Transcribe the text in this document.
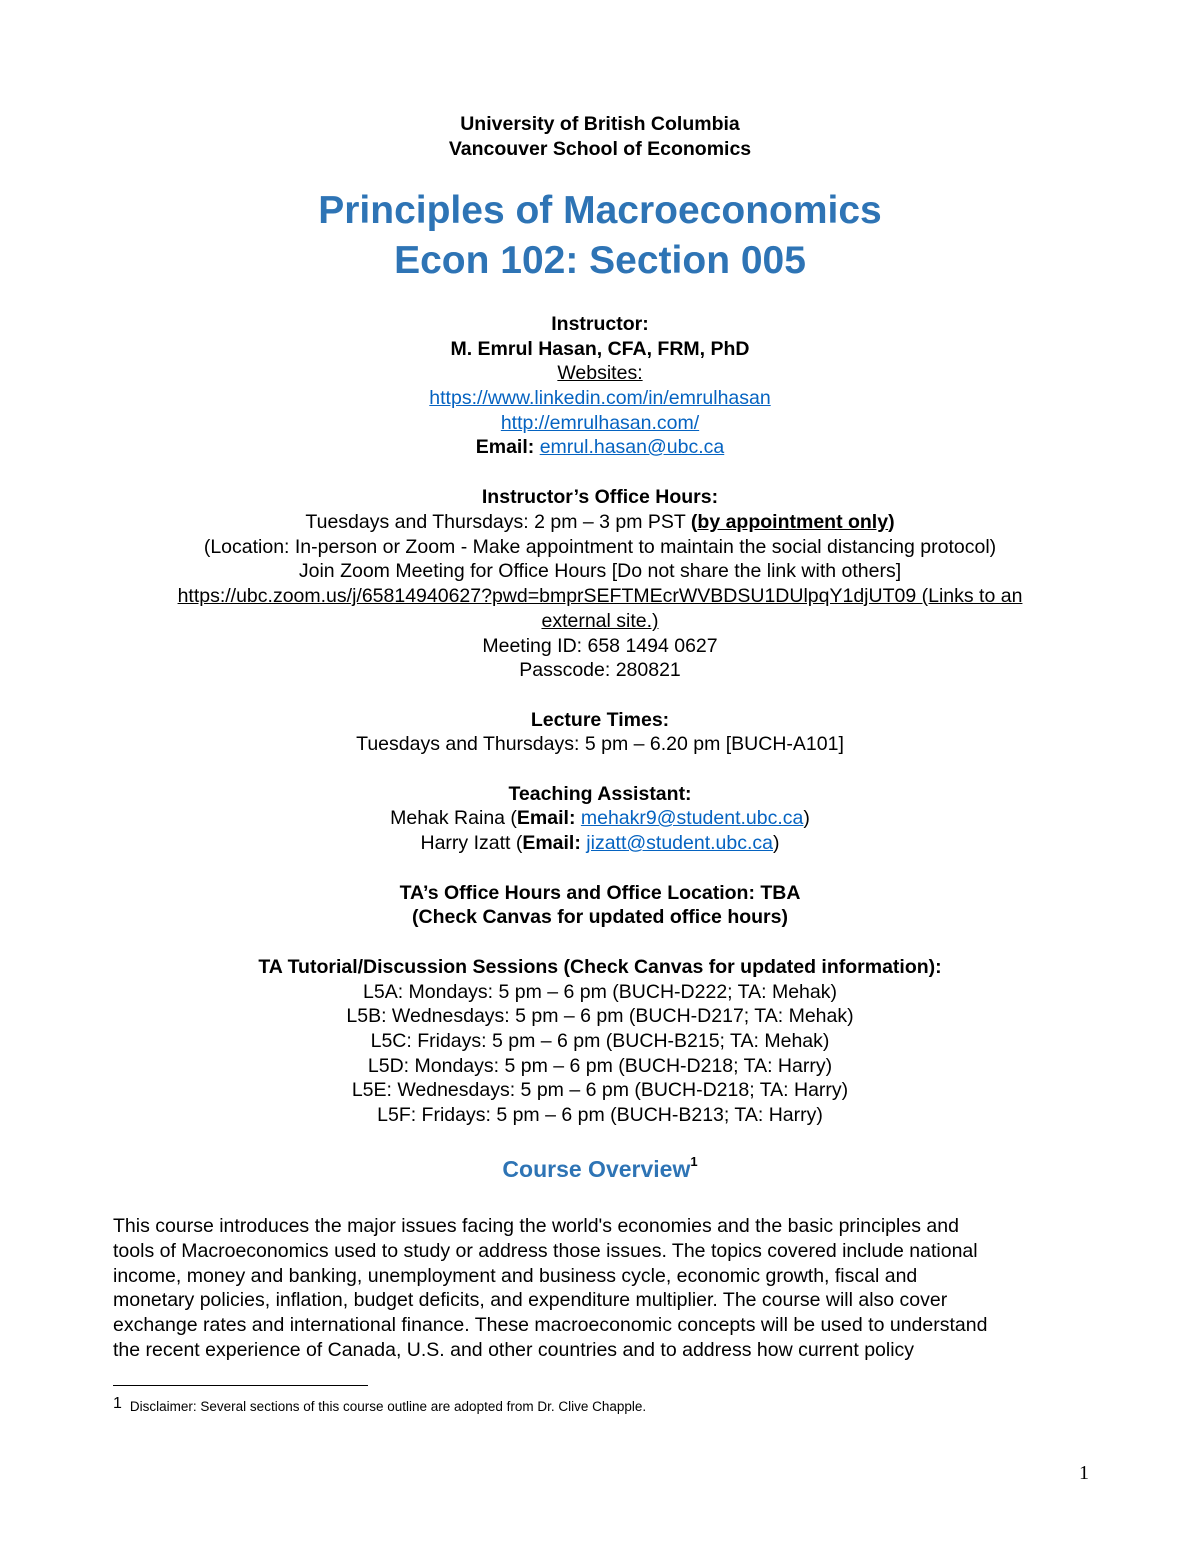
University of British Columbia
Vancouver School of Economics
Principles of Macroeconomics
Econ 102: Section 005
Instructor:
M. Emrul Hasan, CFA, FRM, PhD
Websites:
https://www.linkedin.com/in/emrulhasan
http://emrulhasan.com/
Email: emrul.hasan@ubc.ca
Instructor’s Office Hours:
Tuesdays and Thursdays: 2 pm – 3 pm PST (by appointment only)
(Location: In-person or Zoom - Make appointment to maintain the social distancing protocol)
Join Zoom Meeting for Office Hours [Do not share the link with others]
https://ubc.zoom.us/j/65814940627?pwd=bmprSEFTMEcrWVBDSU1DUlpqY1djUT09 (Links to an
external site.)
Meeting ID: 658 1494 0627
Passcode: 280821
Lecture Times:
Tuesdays and Thursdays: 5 pm – 6.20 pm [BUCH-A101]
Teaching Assistant:
Mehak Raina (Email: mehakr9@student.ubc.ca)
Harry Izatt (Email: jizatt@student.ubc.ca)
TA’s Office Hours and Office Location: TBA
(Check Canvas for updated office hours)
TA Tutorial/Discussion Sessions (Check Canvas for updated information):
L5A: Mondays: 5 pm – 6 pm (BUCH-D222; TA: Mehak)
L5B: Wednesdays: 5 pm – 6 pm (BUCH-D217; TA: Mehak)
L5C: Fridays: 5 pm – 6 pm (BUCH-B215; TA: Mehak)
L5D: Mondays: 5 pm – 6 pm (BUCH-D218; TA: Harry)
L5E: Wednesdays: 5 pm – 6 pm (BUCH-D218; TA: Harry)
L5F: Fridays: 5 pm – 6 pm (BUCH-B213; TA: Harry)
Course Overview$^1$
This course introduces the major issues facing the world's economies and the basic principles and
tools of Macroeconomics used to study or address those issues. The topics covered include national
income, money and banking, unemployment and business cycle, economic growth, fiscal and
monetary policies, inflation, budget deficits, and expenditure multiplier. The course will also cover
exchange rates and international finance. These macroeconomic concepts will be used to understand
the recent experience of Canada, U.S. and other countries and to address how current policy
1 Disclaimer: Several sections of this course outline are adopted from Dr. Clive Chapple.
1
